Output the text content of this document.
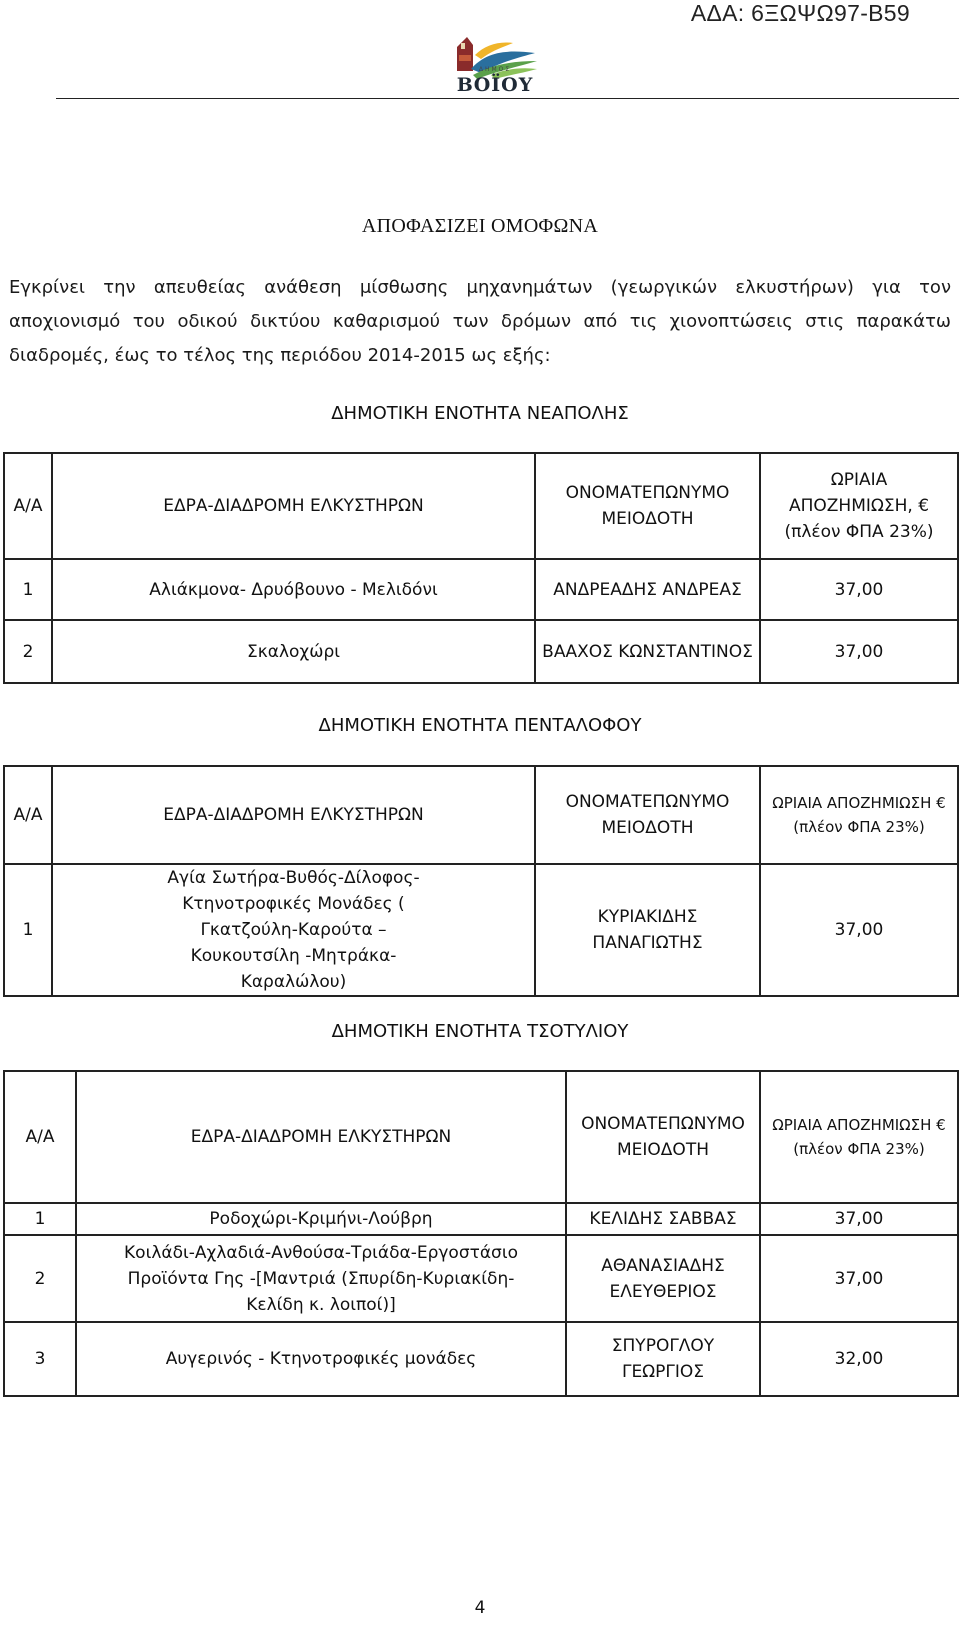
ΑΔΑ: 6ΞΩΨΩ97-Β59
ΔΗΜΟΣ
ΒΟΪΟΥ
ΑΠΟΦΑΣΙΖΕΙ ΟΜΟΦΩΝΑ
Εγκρίνει την απευθείας ανάθεση μίσθωσης μηχανημάτων (γεωργικών ελκυστήρων) για τον
αποχιονισμό του οδικού δικτύου καθαρισμού των δρόμων από τις χιονοπτώσεις στις παρακάτω
διαδρομές, έως το τέλος της περιόδου 2014-2015 ως εξής:
ΔΗΜΟΤΙΚΗ ΕΝΟΤΗΤΑ ΝΕΑΠΟΛΗΣ
Α/Α	ΕΔΡΑ-ΔΙΑΔΡΟΜΗ ΕΛΚΥΣΤΗΡΩΝ	ΟΝΟΜΑΤΕΠΩΝΥΜΟ ΜΕΙΟΔΟΤΗ	ΩΡΙΑΙΑ ΑΠΟΖΗΜΙΩΣΗ, €(πλέον ΦΠΑ 23%)
1	Αλιάκμονα- Δρυόβουνο - Μελιδόνι	ΑΝΔΡΕΑΔΗΣ ΑΝΔΡΕΑΣ	37,00
2	Σκαλοχώρι	ΒΑΑΧΟΣ ΚΩΝΣΤΑΝΤΙΝΟΣ	37,00
ΔΗΜΟΤΙΚΗ ΕΝΟΤΗΤΑ ΠΕΝΤΑΛΟΦΟΥ
Α/Α	ΕΔΡΑ-ΔΙΑΔΡΟΜΗ ΕΛΚΥΣΤΗΡΩΝ	ΟΝΟΜΑΤΕΠΩΝΥΜΟ ΜΕΙΟΔΟΤΗ	ΩΡΙΑΙΑ ΑΠΟΖΗΜΙΩΣΗ € (πλέον ΦΠΑ 23%)
1	Αγία Σωτήρα-Βυθός-Δίλοφος-Κτηνοτροφικές Μονάδες ( Γκατζούλη-Καρούτα – Κουκουτσίλη -Μητράκα-Καραλώλου)	ΚΥΡΙΑΚΙΔΗΣ ΠΑΝΑΓΙΩΤΗΣ	37,00
ΔΗΜΟΤΙΚΗ ΕΝΟΤΗΤΑ ΤΣΟΤΥΛΙΟΥ
Α/Α	ΕΔΡΑ-ΔΙΑΔΡΟΜΗ ΕΛΚΥΣΤΗΡΩΝ	ΟΝΟΜΑΤΕΠΩΝΥΜΟ ΜΕΙΟΔΟΤΗ	ΩΡΙΑΙΑ ΑΠΟΖΗΜΙΩΣΗ € (πλέον ΦΠΑ 23%)
1	Ροδοχώρι-Κριμήνι-Λούβρη	ΚΕΛΙΔΗΣ ΣΑΒΒΑΣ	37,00
2	Κοιλάδι-Αχλαδιά-Ανθούσα-Τριάδα-Εργοστάσιο Προϊόντα Γης -[Μαντριά (Σπυρίδη-Κυριακίδη-Κελίδη κ. λοιποί)]	ΑΘΑΝΑΣΙΑΔΗΣ ΕΛΕΥΘΕΡΙΟΣ	37,00
3	Αυγερινός - Κτηνοτροφικές μονάδες	ΣΠΥΡΟΓΛΟΥ ΓΕΩΡΓΙΟΣ	32,00
4
